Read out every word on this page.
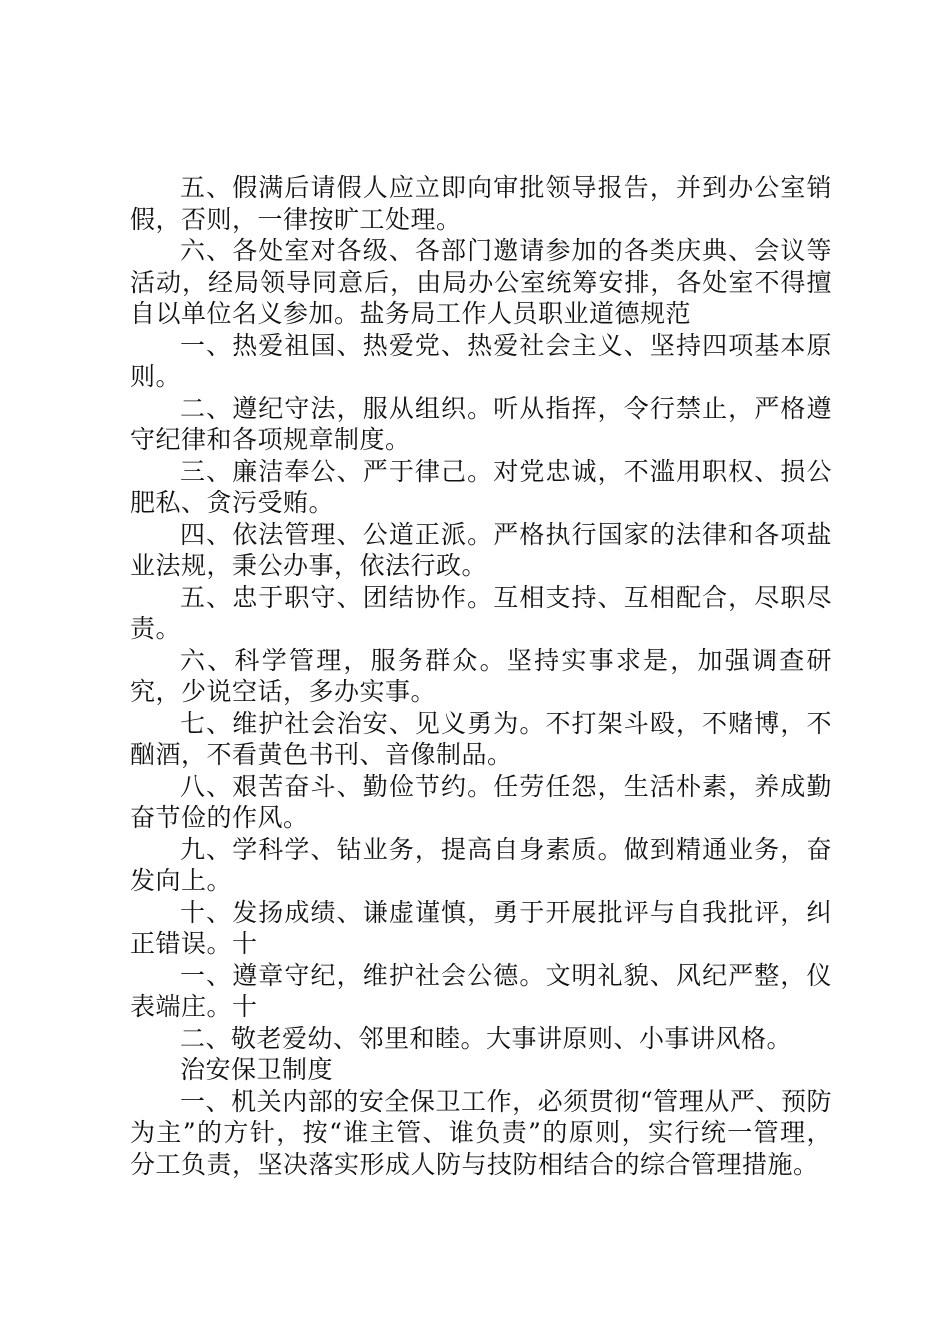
五、假满后请假人应立即向审批领导报告，并到办公室销假，否则，一律按旷工处理。

六、各处室对各级、各部门邀请参加的各类庆典、会议等活动，经局领导同意后，由局办公室统筹安排，各处室不得擅自以单位名义参加。盐务局工作人员职业道德规范

一、热爱祖国、热爱党、热爱社会主义、坚持四项基本原则。

二、遵纪守法，服从组织。听从指挥，令行禁止，严格遵守纪律和各项规章制度。

三、廉洁奉公、严于律己。对党忠诚，不滥用职权、损公肥私、贪污受贿。

四、依法管理、公道正派。严格执行国家的法律和各项盐业法规，秉公办事，依法行政。

五、忠于职守、团结协作。互相支持、互相配合，尽职尽责。

六、科学管理，服务群众。坚持实事求是，加强调查研究，少说空话，多办实事。

七、维护社会治安、见义勇为。不打架斗殴，不赌博，不酗酒，不看黄色书刊、音像制品。

八、艰苦奋斗、勤俭节约。任劳任怨，生活朴素，养成勤奋节俭的作风。

九、学科学、钻业务，提高自身素质。做到精通业务，奋发向上。

十、发扬成绩、谦虚谨慎，勇于开展批评与自我批评，纠正错误。十

一、遵章守纪，维护社会公德。文明礼貌、风纪严整，仪表端庄。十

二、敬老爱幼、邻里和睦。大事讲原则、小事讲风格。

治安保卫制度

一、机关内部的安全保卫工作，必须贯彻“管理从严、预防为主”的方针，按“谁主管、谁负责”的原则，实行统一管理，分工负责，坚决落实形成人防与技防相结合的综合管理措施。
